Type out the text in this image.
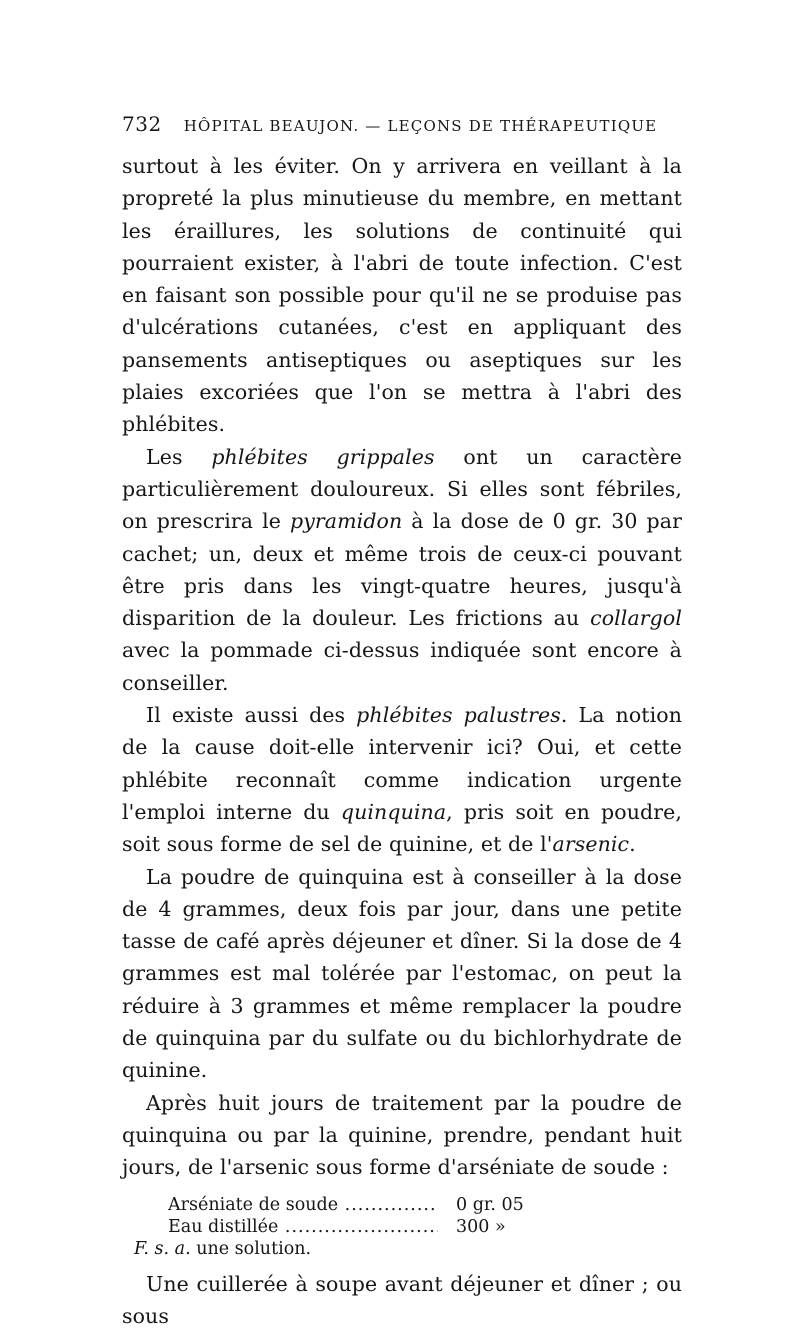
732 HÔPITAL BEAUJON. — LEÇONS DE THÉRAPEUTIQUE

surtout à les éviter. On y arrivera en veillant à la propreté la plus minutieuse du membre, en mettant les éraillures, les solutions de continuité qui pourraient exister, à l'abri de toute infection. C'est en faisant son possible pour qu'il ne se produise pas d'ulcérations cutanées, c'est en appliquant des pansements antiseptiques ou aseptiques sur les plaies excoriées que l'on se mettra à l'abri des phlébites.

Les phlébites grippales ont un caractère particulièrement douloureux. Si elles sont fébriles, on prescrira le pyramidon à la dose de 0 gr. 30 par cachet; un, deux et même trois de ceux-ci pouvant être pris dans les vingt-quatre heures, jusqu'à disparition de la douleur. Les frictions au collargol avec la pommade ci-dessus indiquée sont encore à conseiller.

Il existe aussi des phlébites palustres. La notion de la cause doit-elle intervenir ici? Oui, et cette phlébite reconnaît comme indication urgente l'emploi interne du quinquina, pris soit en poudre, soit sous forme de sel de quinine, et de l'arsenic.

La poudre de quinquina est à conseiller à la dose de 4 grammes, deux fois par jour, dans une petite tasse de café après déjeuner et dîner. Si la dose de 4 grammes est mal tolérée par l'estomac, on peut la réduire à 3 grammes et même remplacer la poudre de quinquina par du sulfate ou du bichlorhydrate de quinine.

Après huit jours de traitement par la poudre de quinquina ou par la quinine, prendre, pendant huit jours, de l'arsenic sous forme d'arséniate de soude :

Arséniate de soude .....	0 gr. 05
Eau distillée .....	300 »
F. s. a. une solution.

Une cuillerée à soupe avant déjeuner et dîner ; ou sous
